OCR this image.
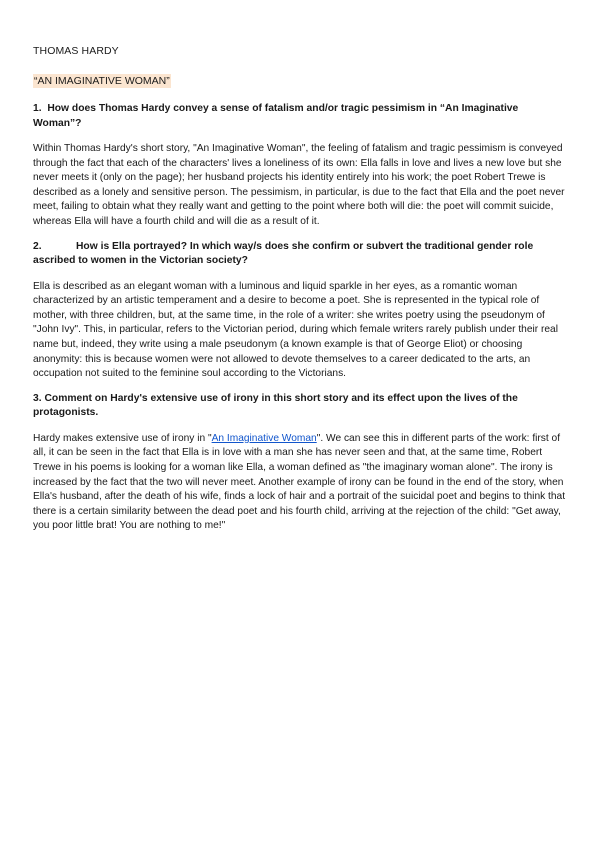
THOMAS HARDY
“AN IMAGINATIVE WOMAN”
1. How does Thomas Hardy convey a sense of fatalism and/or tragic pessimism in “An Imaginative Woman”?
Within Thomas Hardy's short story, "An Imaginative Woman", the feeling of fatalism and tragic pessimism is conveyed through the fact that each of the characters' lives a loneliness of its own: Ella falls in love and lives a new love but she never meets it (only on the page); her husband projects his identity entirely into his work; the poet Robert Trewe is described as a lonely and sensitive person. The pessimism, in particular, is due to the fact that Ella and the poet never meet, failing to obtain what they really want and getting to the point where both will die: the poet will commit suicide, whereas Ella will have a fourth child and will die as a result of it.
2.	How is Ella portrayed? In which way/s does she confirm or subvert the traditional gender role ascribed to women in the Victorian society?
Ella is described as an elegant woman with a luminous and liquid sparkle in her eyes, as a romantic woman characterized by an artistic temperament and a desire to become a poet. She is represented in the typical role of mother, with three children, but, at the same time, in the role of a writer: she writes poetry using the pseudonym of "John Ivy". This, in particular, refers to the Victorian period, during which female writers rarely publish under their real name but, indeed, they write using a male pseudonym (a known example is that of George Eliot) or choosing anonymity: this is because women were not allowed to devote themselves to a career dedicated to the arts, an occupation not suited to the feminine soul according to the Victorians.
3. Comment on Hardy's extensive use of irony in this short story and its effect upon the lives of the protagonists.
Hardy makes extensive use of irony in "An Imaginative Woman". We can see this in different parts of the work: first of all, it can be seen in the fact that Ella is in love with a man she has never seen and that, at the same time, Robert Trewe in his poems is looking for a woman like Ella, a woman defined as "the imaginary woman alone". The irony is increased by the fact that the two will never meet. Another example of irony can be found in the end of the story, when Ella's husband, after the death of his wife, finds a lock of hair and a portrait of the suicidal poet and begins to think that there is a certain similarity between the dead poet and his fourth child, arriving at the rejection of the child: "Get away, you poor little brat! You are nothing to me!"
